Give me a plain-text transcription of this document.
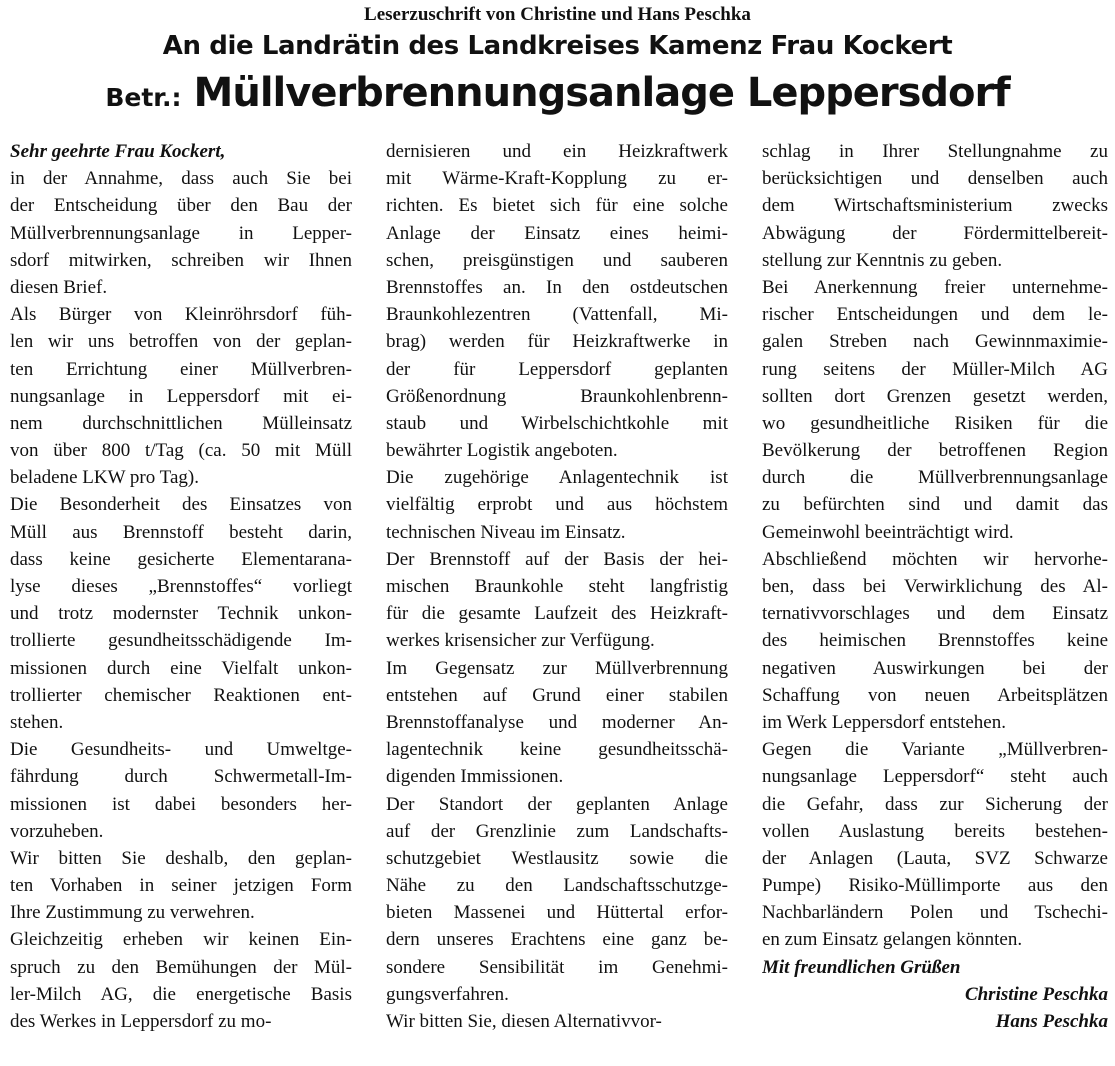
Leserzuschrift von Christine und Hans Peschka
An die Landrätin des Landkreises Kamenz Frau Kockert
Betr.: Müllverbrennungsanlage Leppersdorf
Sehr geehrte Frau Kockert,
in der Annahme, dass auch Sie bei
der Entscheidung über den Bau der
Müllverbrennungsanlage in Lepper-
sdorf mitwirken, schreiben wir Ihnen
diesen Brief.
Als Bürger von Kleinröhrsdorf füh-
len wir uns betroffen von der geplan-
ten Errichtung einer Müllverbren-
nungsanlage in Leppersdorf mit ei-
nem durchschnittlichen Mülleinsatz
von über 800 t/Tag (ca. 50 mit Müll
beladene LKW pro Tag).
Die Besonderheit des Einsatzes von
Müll aus Brennstoff besteht darin,
dass keine gesicherte Elementarana-
lyse dieses „Brennstoffes“ vorliegt
und trotz modernster Technik unkon-
trollierte gesundheitsschädigende Im-
missionen durch eine Vielfalt unkon-
trollierter chemischer Reaktionen ent-
stehen.
Die Gesundheits- und Umweltge-
fährdung durch Schwermetall-Im-
missionen ist dabei besonders her-
vorzuheben.
Wir bitten Sie deshalb, den geplan-
ten Vorhaben in seiner jetzigen Form
Ihre Zustimmung zu verwehren.
Gleichzeitig erheben wir keinen Ein-
spruch zu den Bemühungen der Mül-
ler-Milch AG, die energetische Basis
des Werkes in Leppersdorf zu mo-
dernisieren und ein Heizkraftwerk
mit Wärme-Kraft-Kopplung zu er-
richten. Es bietet sich für eine solche
Anlage der Einsatz eines heimi-
schen, preisgünstigen und sauberen
Brennstoffes an. In den ostdeutschen
Braunkohlezentren (Vattenfall, Mi-
brag) werden für Heizkraftwerke in
der für Leppersdorf geplanten
Größenordnung Braunkohlenbrenn-
staub und Wirbelschichtkohle mit
bewährter Logistik angeboten.
Die zugehörige Anlagentechnik ist
vielfältig erprobt und aus höchstem
technischen Niveau im Einsatz.
Der Brennstoff auf der Basis der hei-
mischen Braunkohle steht langfristig
für die gesamte Laufzeit des Heizkraft-
werkes krisensicher zur Verfügung.
Im Gegensatz zur Müllverbrennung
entstehen auf Grund einer stabilen
Brennstoffanalyse und moderner An-
lagentechnik keine gesundheitsschä-
digenden Immissionen.
Der Standort der geplanten Anlage
auf der Grenzlinie zum Landschafts-
schutzgebiet Westlausitz sowie die
Nähe zu den Landschaftsschutzge-
bieten Massenei und Hüttertal erfor-
dern unseres Erachtens eine ganz be-
sondere Sensibilität im Genehmi-
gungsverfahren.
Wir bitten Sie, diesen Alternativvor-
schlag in Ihrer Stellungnahme zu
berücksichtigen und denselben auch
dem Wirtschaftsministerium zwecks
Abwägung der Fördermittelbereit-
stellung zur Kenntnis zu geben.
Bei Anerkennung freier unternehme-
rischer Entscheidungen und dem le-
galen Streben nach Gewinnmaximie-
rung seitens der Müller-Milch AG
sollten dort Grenzen gesetzt werden,
wo gesundheitliche Risiken für die
Bevölkerung der betroffenen Region
durch die Müllverbrennungsanlage
zu befürchten sind und damit das
Gemeinwohl beeinträchtigt wird.
Abschließend möchten wir hervorhe-
ben, dass bei Verwirklichung des Al-
ternativvorschlages und dem Einsatz
des heimischen Brennstoffes keine
negativen Auswirkungen bei der
Schaffung von neuen Arbeitsplätzen
im Werk Leppersdorf entstehen.
Gegen die Variante „Müllverbren-
nungsanlage Leppersdorf“ steht auch
die Gefahr, dass zur Sicherung der
vollen Auslastung bereits bestehen-
der Anlagen (Lauta, SVZ Schwarze
Pumpe) Risiko-Müllimporte aus den
Nachbarländern Polen und Tschechi-
en zum Einsatz gelangen könnten.
Mit freundlichen Grüßen
Christine Peschka
Hans Peschka
